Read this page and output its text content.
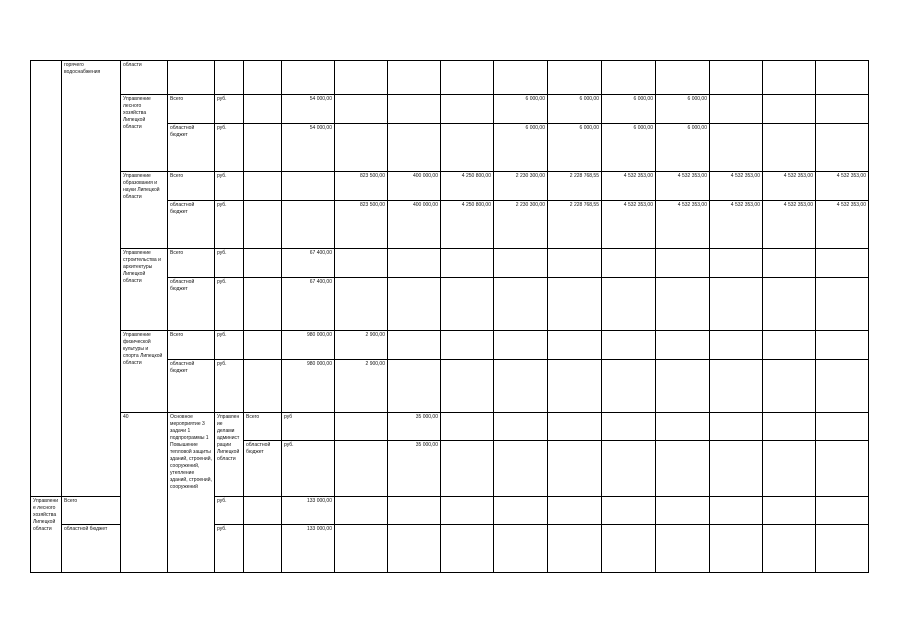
	горячего водоснабжения	области															
		Управление лесного хозяйства Липецкой области	Всего	руб.		54 000,00				6 000,00	6 000,00	6 000,00	6 000,00				
			областной бюджет	руб.		54 000,00				6 000,00	6 000,00	6 000,00	6 000,00				
		Управление образования и науки Липецкой области	Всего	руб.			823 500,00	400 000,00	4 250 800,00	2 230 300,00	2 228 768,55	4 532 353,00	4 532 353,00	4 532 353,00	4 532 353,00	4 532 353,00	
			областной бюджет	руб.			823 500,00	400 000,00	4 250 800,00	2 230 300,00	2 228 768,55	4 532 353,00	4 532 353,00	4 532 353,00	4 532 353,00	4 532 353,00	
		Управление строительства и архитектуры Липецкой области	Всего	руб.		67 400,00											
			областной бюджет	руб.		67 400,00											
		Управление физической культуры и спорта Липецкой области	Всего	руб.		980 000,00	2 900,00										
			областной бюджет	руб.		980 000,00	2 900,00										
		40	Основное мероприятие 3 задачи 1 подпрограммы 1 Повышение тепловой защиты зданий, строений, сооружений, утепление зданий, строений, сооружений	Управление делами администрации Липецкой области	Всего	руб		35 000,00										
					областной бюджет	руб.		35 000,00										
Управление лесного хозяйства Липецкой области	Всего			руб.		133 000,00											
	областной бюджет			руб.		133 000,00											
